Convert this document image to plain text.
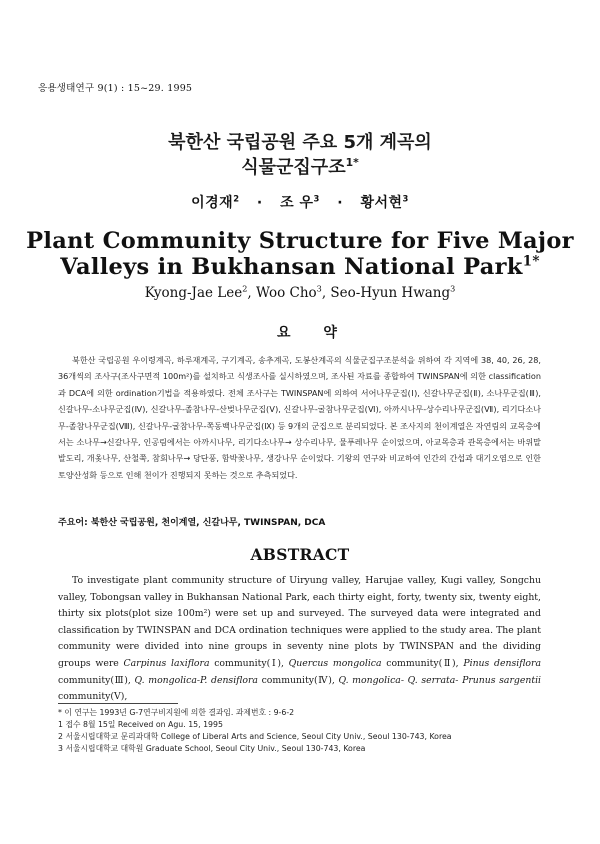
응용생태연구 9(1) : 15~29. 1995
북한산 국립공원 주요 5개 계곡의
식물군집구조$^{1*}$
이경재$^2$ · 조 우$^3$ · 황서현$^3$
Plant Community Structure for Five Major
Valleys in Bukhansan National Park$^{1*}$
Kyong-Jae Lee$^2$, Woo Cho$^3$, Seo-Hyun Hwang$^3$
요 약
북한산 국립공원 우이령계곡, 하루재계곡, 구기계곡, 송추계곡, 도봉산계곡의 식물군집구조분석을 위하여 각 지역에 38, 40, 26, 28, 36개씩의 조사구(조사구면적 100m²)를 설치하고 식생조사를 실시하였으며, 조사된 자료를 종합하여 TWINSPAN에 의한 classification과 DCA에 의한 ordination기법을 적용하였다. 전체 조사구는 TWINSPAN에 의하여 서어나무군집(Ⅰ), 신갈나무군집(Ⅱ), 소나무군집(Ⅲ), 신갈나무-소나무군집(Ⅳ), 신갈나무-졸참나무-산벚나무군집(Ⅴ), 신갈나무-굴참나무군집(Ⅵ), 아까시나무-상수리나무군집(Ⅶ), 리기다소나무-졸참나무군집(Ⅷ), 신갈나무-굴참나무-쪽동백나무군집(Ⅸ) 등 9개의 군집으로 분리되었다. 본 조사지의 천이계열은 자연림의 교목층에서는 소나무→신갈나무, 인공림에서는 아까시나무, 리기다소나무→ 상수리나무, 물푸레나무 순이었으며, 아교목층과 관목층에서는 바위말발도리, 개옻나무, 산철쭉, 참회나무→ 당단풍, 함박꽃나무, 생강나무 순이었다. 기왕의 연구와 비교하여 인간의 간섭과 대기오염으로 인한 토양산성화 등으로 인해 천이가 진행되지 못하는 것으로 추측되었다.
주요어: 북한산 국립공원, 천이계열, 신갈나무, TWINSPAN, DCA
ABSTRACT
To investigate plant community structure of Uiryung valley, Harujae valley, Kugi valley, Songchu valley, Tobongsan valley in Bukhansan National Park, each thirty eight, forty, twenty six, twenty eight, thirty six plots(plot size 100m²) were set up and surveyed. The surveyed data were integrated and classification by TWINSPAN and DCA ordination techniques were applied to the study area. The plant community were divided into nine groups in seventy nine plots by TWINSPAN and the dividing groups were Carpinus laxiflora community(Ⅰ), Quercus mongolica community(Ⅱ), Pinus densiflora community(Ⅲ), Q. mongolica-P. densiflora community(Ⅳ), Q. mongolica- Q. serrata- Prunus sargentii community(Ⅴ),
* 이 연구는 1993년 G-7연구비지원에 의한 결과임. 과제번호 : 9-6-2
1 접수 8월 15일 Received on Agu. 15, 1995
2 서울시립대학교 문리과대학 College of Liberal Arts and Science, Seoul City Univ., Seoul 130-743, Korea
3 서울시립대학교 대학원 Graduate School, Seoul City Univ., Seoul 130-743, Korea
